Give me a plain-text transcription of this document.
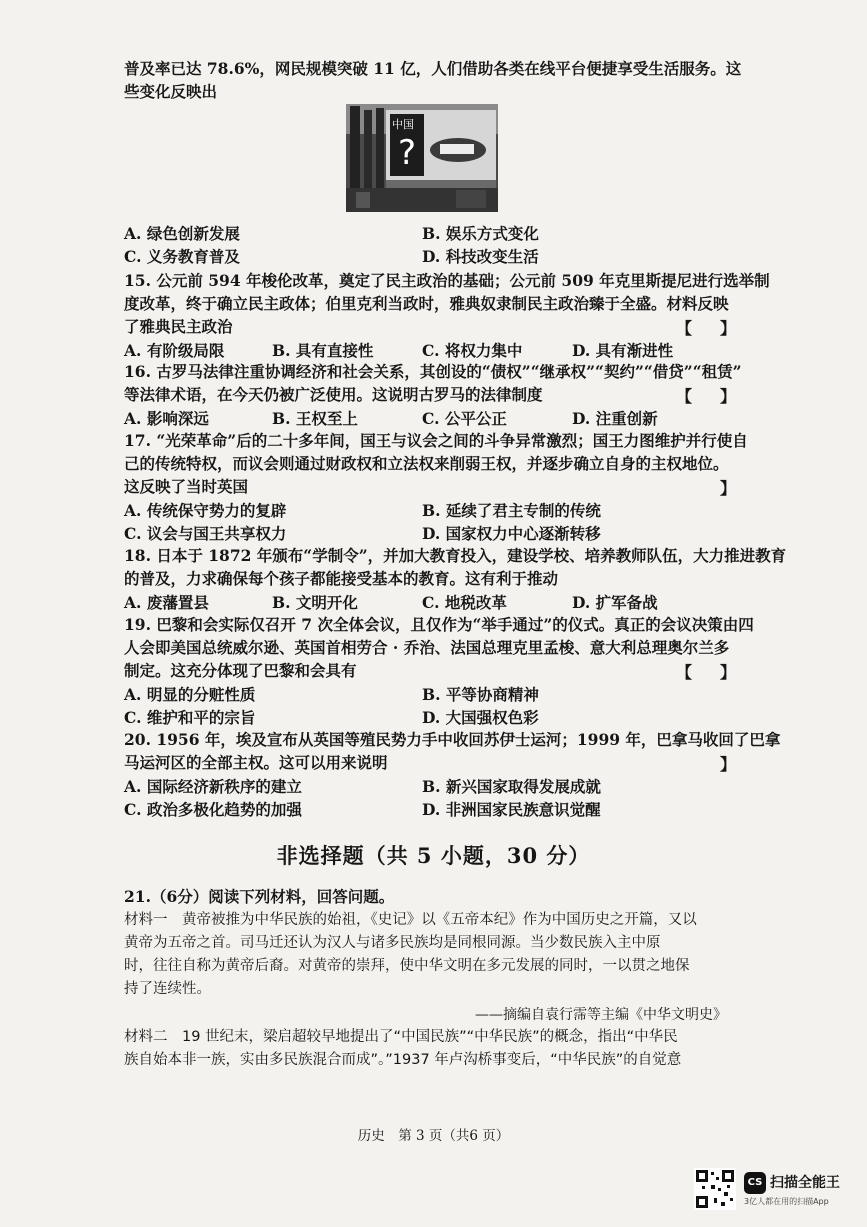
普及率已达 78.6%，网民规模突破 11 亿，人们借助各类在线平台便捷享受生活服务。这
些变化反映出
中国
?
A. 绿色创新发展	B. 娱乐方式变化
C. 义务教育普及	D. 科技改变生活
15. 公元前 594 年梭伦改革，奠定了民主政治的基础；公元前 509 年克里斯提尼进行选举制
度改革，终于确立民主政体；伯里克利当政时，雅典奴隶制民主政治臻于全盛。材料反映
了雅典民主政治	【 】
A. 有阶级局限	B. 具有直接性	C. 将权力集中	D. 具有渐进性
16. 古罗马法律注重协调经济和社会关系，其创设的“债权”“继承权”“契约”“借贷”“租赁”
等法律术语，在今天仍被广泛使用。这说明古罗马的法律制度	【 】
A. 影响深远	B. 王权至上	C. 公平公正	D. 注重创新
17. “光荣革命”后的二十多年间，国王与议会之间的斗争异常激烈；国王力图维护并行使自
己的传统特权，而议会则通过财政权和立法权来削弱王权，并逐步确立自身的主权地位。
这反映了当时英国	】
A. 传统保守势力的复辟	B. 延续了君主专制的传统
C. 议会与国王共享权力	D. 国家权力中心逐渐转移
18. 日本于 1872 年颁布“学制令”，并加大教育投入，建设学校、培养教师队伍，大力推进教育
的普及，力求确保每个孩子都能接受基本的教育。这有利于推动
A. 废藩置县	B. 文明开化	C. 地税改革	D. 扩军备战
19. 巴黎和会实际仅召开 7 次全体会议，且仅作为“举手通过”的仪式。真正的会议决策由四
人会即美国总统威尔逊、英国首相劳合 · 乔治、法国总理克里孟梭、意大利总理奥尔兰多
制定。这充分体现了巴黎和会具有	【 】
A. 明显的分赃性质	B. 平等协商精神
C. 维护和平的宗旨	D. 大国强权色彩
20. 1956 年，埃及宣布从英国等殖民势力手中收回苏伊士运河；1999 年，巴拿马收回了巴拿
马运河区的全部主权。这可以用来说明	】
A. 国际经济新秩序的建立	B. 新兴国家取得发展成就
C. 政治多极化趋势的加强	D. 非洲国家民族意识觉醒
非选择题（共 5 小题，30 分）
21.（6分）阅读下列材料，回答问题。
材料一　黄帝被推为中华民族的始祖，《史记》以《五帝本纪》作为中国历史之开篇，又以
黄帝为五帝之首。司马迁还认为汉人与诸多民族均是同根同源。当少数民族入主中原
时，往往自称为黄帝后裔。对黄帝的崇拜，使中华文明在多元发展的同时，一以贯之地保
持了连续性。
——摘编自袁行霈等主编《中华文明史》
材料二　19 世纪末，梁启超较早地提出了“中国民族”“中华民族”的概念，指出“中华民
族自始本非一族，实由多民族混合而成”。”1937 年卢沟桥事变后，“中华民族”的自觉意
历史　第 3 页（共6 页）
CS 扫描全能王
3亿人都在用的扫描App
